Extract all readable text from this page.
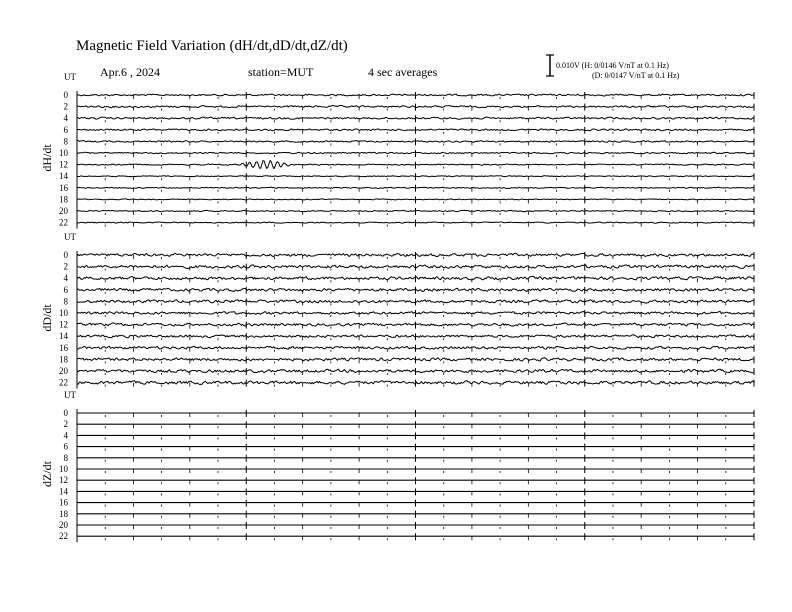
Magnetic Field Variation (dH/dt,dD/dt,dZ/dt)
Apr.6 , 2024	station=MUT	4 sec averages	0.010V (H: 0/0146 V/nT at 0.1 Hz)
(D: 0/0147 V/nT at 0.1 Hz)
UT
dH/dt
0
2
4
6
8
10
12
14
16
18
20
22
UT
dD/dt
0
2
4
6
8
10
12
14
16
18
20
22
UT
dZ/dt
0
2
4
6
8
10
12
14
16
18
20
22
